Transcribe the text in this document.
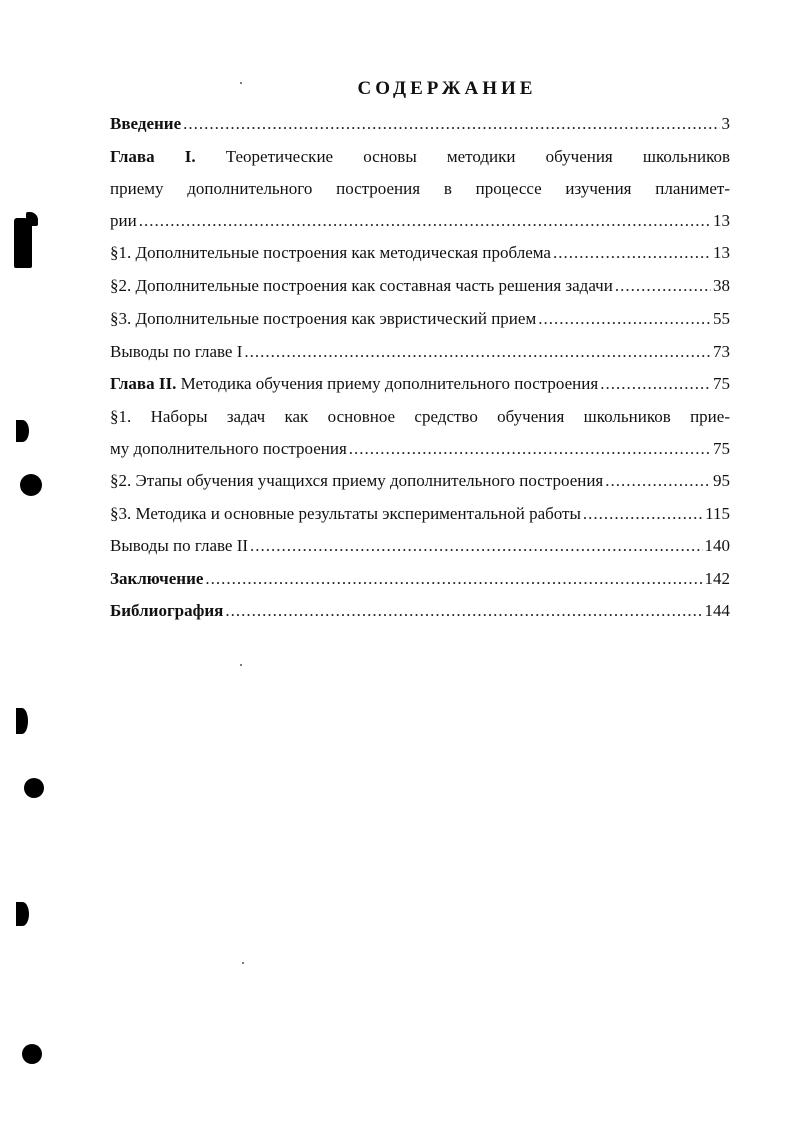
СОДЕРЖАНИЕ
Введение .....	3
Глава I. Теоретические основы методики обучения школьников
приему дополнительного построения в процессе изучения планимет-
рии .....	13
§1. Дополнительные построения как методическая проблема .....	13
§2. Дополнительные построения как составная часть решения задачи .....	38
§3. Дополнительные построения как эвристический прием .....	55
Выводы по главе I .....	73
Глава II. Методика обучения приему дополнительного построения .....	75
§1. Наборы задач как основное средство обучения школьников прие-
му дополнительного построения .....	75
§2. Этапы обучения учащихся приему дополнительного построения .....	95
§3. Методика и основные результаты экспериментальной работы .....	115
Выводы по главе II .....	140
Заключение .....	142
Библиография .....	144
